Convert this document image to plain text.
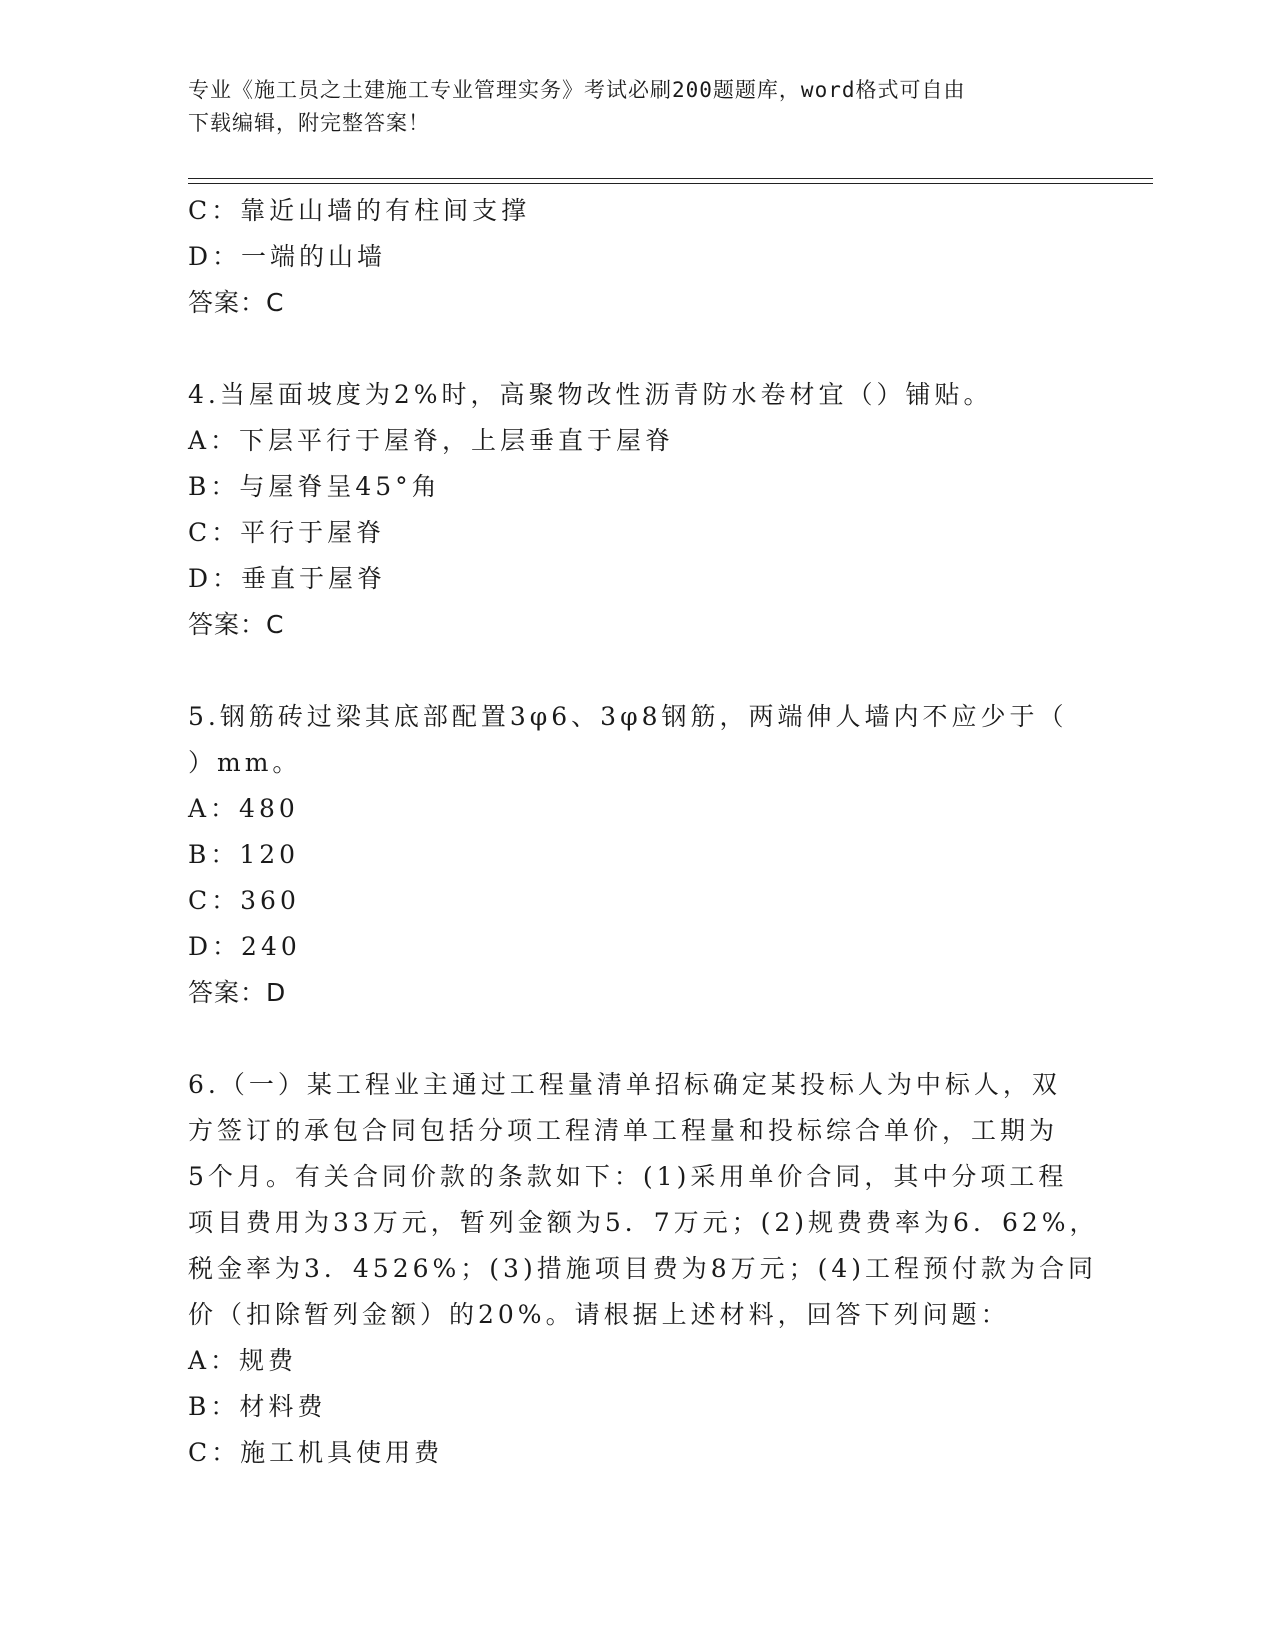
专业《施工员之土建施工专业管理实务》考试必刷200题题库，word格式可自由
下载编辑，附完整答案！
C：靠近山墙的有柱间支撑
D：一端的山墙
答案：C
4.当屋面坡度为2%时，高聚物改性沥青防水卷材宜（）铺贴。
A：下层平行于屋脊，上层垂直于屋脊
B：与屋脊呈45°角
C：平行于屋脊
D：垂直于屋脊
答案：C
5.钢筋砖过梁其底部配置3φ6、3φ8钢筋，两端伸人墙内不应少于（
）mm。
A：480
B：120
C：360
D：240
答案：D
6.（一）某工程业主通过工程量清单招标确定某投标人为中标人，双
方签订的承包合同包括分项工程清单工程量和投标综合单价，工期为
5个月。有关合同价款的条款如下：(1)采用单价合同，其中分项工程
项目费用为33万元，暂列金额为5．7万元；(2)规费费率为6．62%，
税金率为3．4526%；(3)措施项目费为8万元；(4)工程预付款为合同
价（扣除暂列金额）的20%。请根据上述材料，回答下列问题：
A：规费
B：材料费
C：施工机具使用费
